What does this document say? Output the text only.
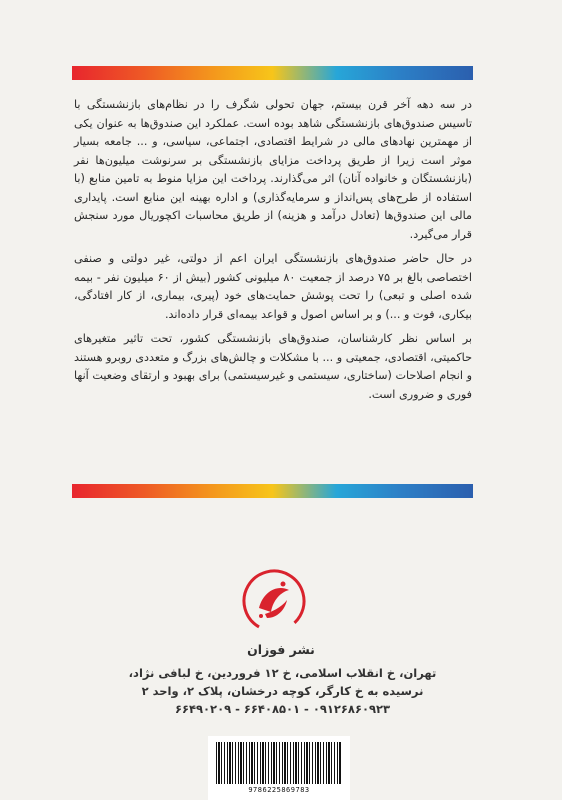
در سه دهه آخر قرن بیستم، جهان تحولی شگرف را در نظام‌های بازنشستگی با تاسیس صندوق‌های بازنشستگی شاهد بوده است. عملکرد این صندوق‌ها به عنوان یکی از مهمترین نهادهای مالی در شرایط اقتصادی، اجتماعی، سیاسی، و ... جامعه بسیار موثر است زیرا از طریق پرداخت مزایای بازنشستگی بر سرنوشت میلیون‌ها نفر (بازنشستگان و خانواده آنان) اثر می‌گذارند. پرداخت این مزایا منوط به تامین منابع (با استفاده از طرح‌های پس‌انداز و سرمایه‌گذاری) و اداره بهینه این منابع است. پایداری مالی این صندوق‌ها (تعادل درآمد و هزینه) از طریق محاسبات اکچوریال مورد سنجش قرار می‌گیرد.

در حال حاضر صندوق‌های بازنشستگی ایران اعم از دولتی، غیر دولتی و صنفی اختصاصی بالغ بر ۷۵ درصد از جمعیت ۸۰ میلیونی کشور (بیش از ۶۰ میلیون نفر - بیمه شده اصلی و تبعی) را تحت پوشش حمایت‌های خود (پیری، بیماری، از کار افتادگی، بیکاری، فوت و ...) و بر اساس اصول و قواعد بیمه‌ای قرار داده‌اند.

بر اساس نظر کارشناسان، صندوق‌های بازنشستگی کشور، تحت تاثیر متغیرهای حاکمیتی، اقتصادی، جمعیتی و ... با مشکلات و چالش‌های بزرگ و متعددی روبرو هستند و انجام اصلاحات (ساختاری، سیستمی و غیرسیستمی) برای بهبود و ارتقای وضعیت آنها فوری و ضروری است.

نشر فوزان
تهران، خ انقلاب اسلامی، خ ۱۲ فروردین، خ لبافی نژاد،
نرسیده به خ کارگر، کوچه درخشان، پلاک ۲، واحد ۲
۰۹۱۲۶۸۶۰۹۲۳ - ۶۶۴۰۸۵۰۱ - ۶۶۴۹۰۲۰۹
9786225869783
